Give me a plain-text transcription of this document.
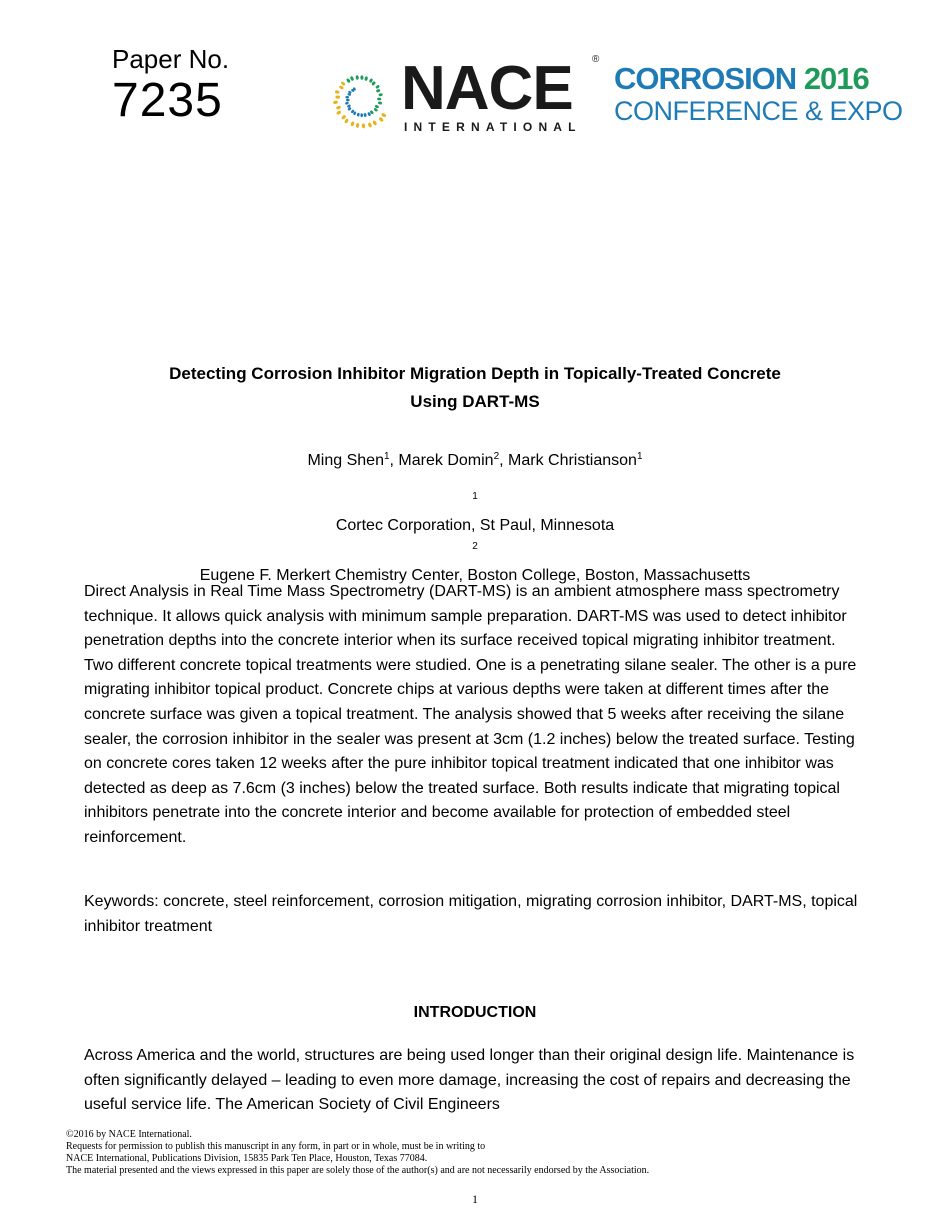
Paper No.
7235	NACE ®
INTERNATIONAL
CORROSION 2016
CONFERENCE & EXPO
Detecting Corrosion Inhibitor Migration Depth in Topically-Treated Concrete
Using DART-MS
Ming Shen$^1$, Marek Domin$^2$, Mark Christianson$^1$
$^1$
Cortec Corporation, St Paul, Minnesota
$^2$
Eugene F. Merkert Chemistry Center, Boston College, Boston, Massachusetts

Direct Analysis in Real Time Mass Spectrometry (DART-MS) is an ambient atmosphere mass spectrometry technique. It allows quick analysis with minimum sample preparation. DART-MS was used to detect inhibitor penetration depths into the concrete interior when its surface received topical migrating inhibitor treatment. Two different concrete topical treatments were studied. One is a penetrating silane sealer. The other is a pure migrating inhibitor topical product. Concrete chips at various depths were taken at different times after the concrete surface was given a topical treatment. The analysis showed that 5 weeks after receiving the silane sealer, the corrosion inhibitor in the sealer was present at 3cm (1.2 inches) below the treated surface. Testing on concrete cores taken 12 weeks after the pure inhibitor topical treatment indicated that one inhibitor was detected as deep as 7.6cm (3 inches) below the treated surface. Both results indicate that migrating topical inhibitors penetrate into the concrete interior and become available for protection of embedded steel reinforcement.

Keywords: concrete, steel reinforcement, corrosion mitigation, migrating corrosion inhibitor, DART-MS, topical inhibitor treatment

INTRODUCTION

Across America and the world, structures are being used longer than their original design life. Maintenance is often significantly delayed – leading to even more damage, increasing the cost of repairs and decreasing the useful service life. The American Society of Civil Engineers

©2016 by NACE International.
Requests for permission to publish this manuscript in any form, in part or in whole, must be in writing to
NACE International, Publications Division, 15835 Park Ten Place, Houston, Texas 77084.
The material presented and the views expressed in this paper are solely those of the author(s) and are not necessarily endorsed by the Association.
1
